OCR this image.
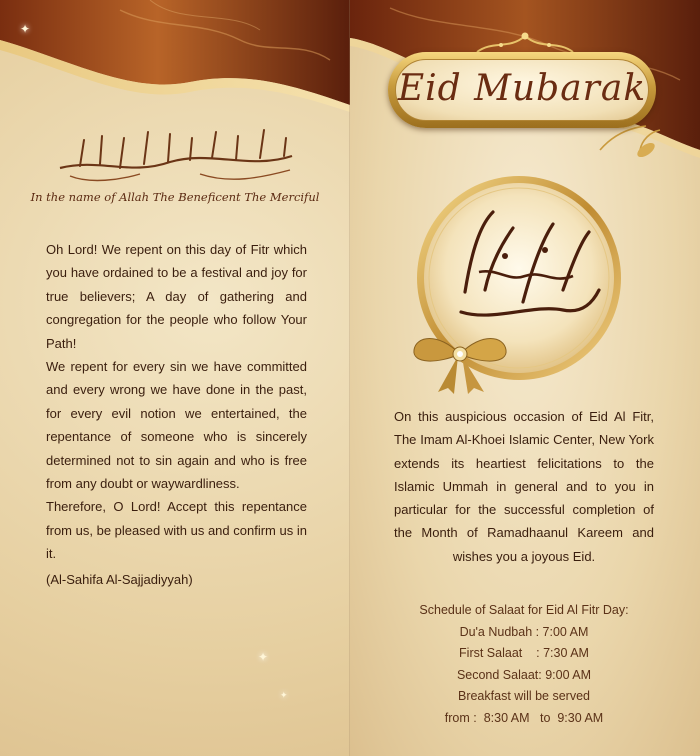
✦
✦
✦
بسم الله الرحمن الرحيم
In the name of Allah The Beneficent The Merciful

Oh Lord! We repent on this day of Fitr which you have ordained to be a festival and joy for true believers; A day of gathering and congregation for the people who follow Your Path!

We repent for every sin we have committed and every wrong we have done in the past, for every evil notion we entertained, the repentance of someone who is sincerely determined not to sin again and who is free from any doubt or waywardliness.

Therefore, O Lord! Accept this repentance from us, be pleased with us and confirm us in it.

(Al-Sahifa Al-Sajjadiyyah)

Eid Mubarak
عيد مبارك

On this auspicious occasion of Eid Al Fitr, The Imam Al-Khoei Islamic Center, New York extends its heartiest felicitations to the Islamic Ummah in general and to you in particular for the successful completion of the Month of Ramadhaanul Kareem and wishes you a joyous Eid.

Schedule of Salaat for Eid Al Fitr Day:
Du'a Nudbah : 7:00 AM
First Salaat    : 7:30 AM
Second Salaat: 9:00 AM
Breakfast will be served
from :  8:30 AM   to  9:30 AM
